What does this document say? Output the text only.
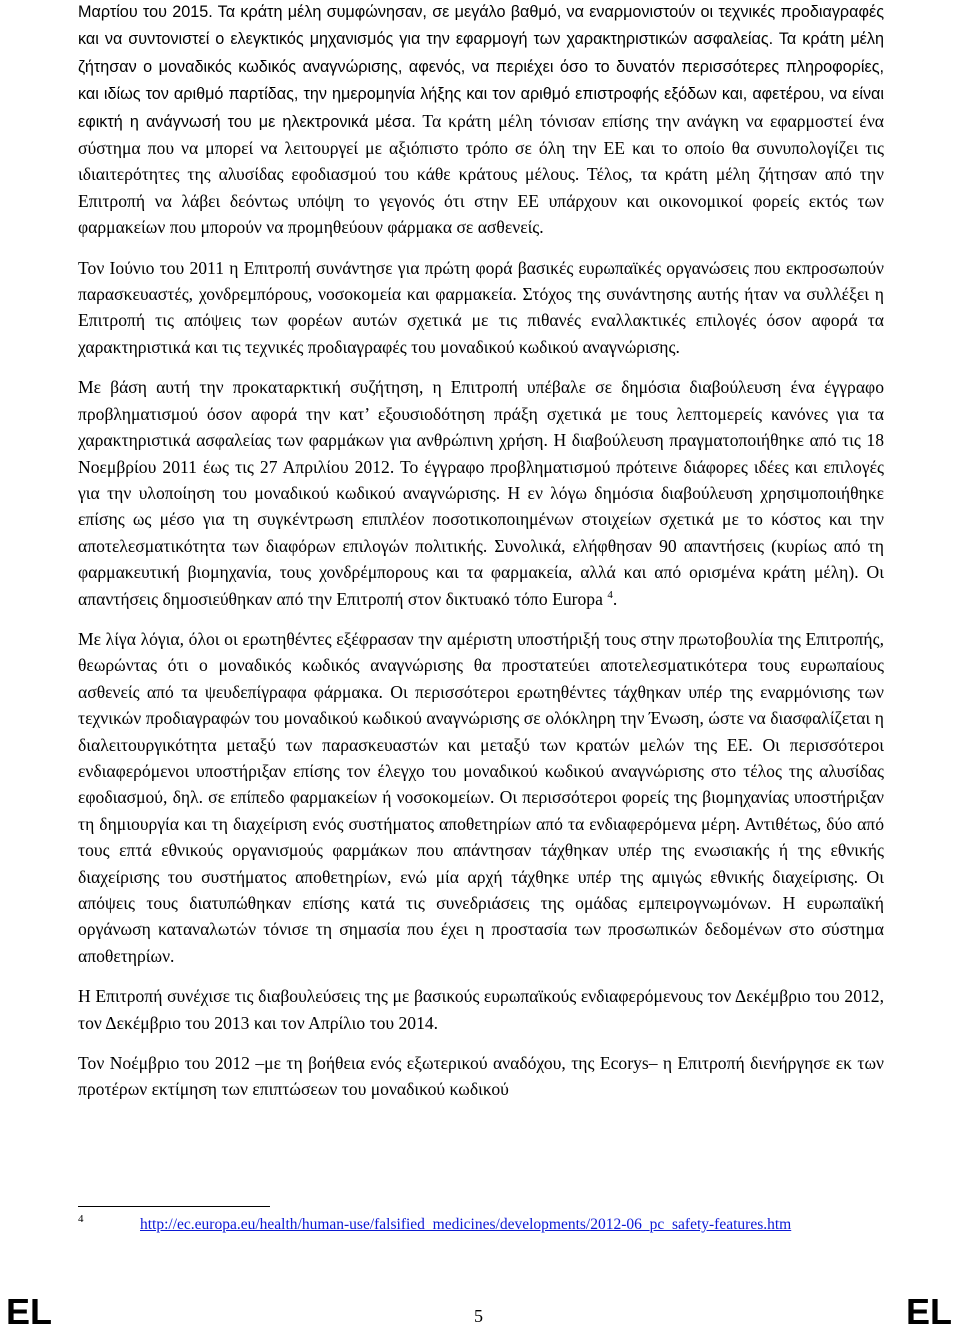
Μαρτίου του 2015. Τα κράτη μέλη συμφώνησαν, σε μεγάλο βαθμό, να εναρμονιστούν οι τεχνικές προδιαγραφές και να συντονιστεί ο ελεγκτικός μηχανισμός για την εφαρμογή των χαρακτηριστικών ασφαλείας. Τα κράτη μέλη ζήτησαν ο μοναδικός κωδικός αναγνώρισης, αφενός, να περιέχει όσο το δυνατόν περισσότερες πληροφορίες, και ιδίως τον αριθμό παρτίδας, την ημερομηνία λήξης και τον αριθμό επιστροφής εξόδων και, αφετέρου, να είναι εφικτή η ανάγνωσή του με ηλεκτρονικά μέσα. Τα κράτη μέλη τόνισαν επίσης την ανάγκη να εφαρμοστεί ένα σύστημα που να μπορεί να λειτουργεί με αξιόπιστο τρόπο σε όλη την ΕΕ και το οποίο θα συνυπολογίζει τις ιδιαιτερότητες της αλυσίδας εφοδιασμού του κάθε κράτους μέλους. Τέλος, τα κράτη μέλη ζήτησαν από την Επιτροπή να λάβει δεόντως υπόψη το γεγονός ότι στην ΕΕ υπάρχουν και οικονομικοί φορείς εκτός των φαρμακείων που μπορούν να προμηθεύουν φάρμακα σε ασθενείς.

Τον Ιούνιο του 2011 η Επιτροπή συνάντησε για πρώτη φορά βασικές ευρωπαϊκές οργανώσεις που εκπροσωπούν παρασκευαστές, χονδρεμπόρους, νοσοκομεία και φαρμακεία. Στόχος της συνάντησης αυτής ήταν να συλλέξει η Επιτροπή τις απόψεις των φορέων αυτών σχετικά με τις πιθανές εναλλακτικές επιλογές όσον αφορά τα χαρακτηριστικά και τις τεχνικές προδιαγραφές του μοναδικού κωδικού αναγνώρισης.

Με βάση αυτή την προκαταρκτική συζήτηση, η Επιτροπή υπέβαλε σε δημόσια διαβούλευση ένα έγγραφο προβληματισμού όσον αφορά την κατ’ εξουσιοδότηση πράξη σχετικά με τους λεπτομερείς κανόνες για τα χαρακτηριστικά ασφαλείας των φαρμάκων για ανθρώπινη χρήση. Η διαβούλευση πραγματοποιήθηκε από τις 18 Νοεμβρίου 2011 έως τις 27 Απριλίου 2012. Το έγγραφο προβληματισμού πρότεινε διάφορες ιδέες και επιλογές για την υλοποίηση του μοναδικού κωδικού αναγνώρισης. Η εν λόγω δημόσια διαβούλευση χρησιμοποιήθηκε επίσης ως μέσο για τη συγκέντρωση επιπλέον ποσοτικοποιημένων στοιχείων σχετικά με το κόστος και την αποτελεσματικότητα των διαφόρων επιλογών πολιτικής. Συνολικά, ελήφθησαν 90 απαντήσεις (κυρίως από τη φαρμακευτική βιομηχανία, τους χονδρέμπορους και τα φαρμακεία, αλλά και από ορισμένα κράτη μέλη). Οι απαντήσεις δημοσιεύθηκαν από την Επιτροπή στον δικτυακό τόπο Europa $^4$.

Με λίγα λόγια, όλοι οι ερωτηθέντες εξέφρασαν την αμέριστη υποστήριξή τους στην πρωτοβουλία της Επιτροπής, θεωρώντας ότι ο μοναδικός κωδικός αναγνώρισης θα προστατεύει αποτελεσματικότερα τους ευρωπαίους ασθενείς από τα ψευδεπίγραφα φάρμακα. Οι περισσότεροι ερωτηθέντες τάχθηκαν υπέρ της εναρμόνισης των τεχνικών προδιαγραφών του μοναδικού κωδικού αναγνώρισης σε ολόκληρη την Ένωση, ώστε να διασφαλίζεται η διαλειτουργικότητα μεταξύ των παρασκευαστών και μεταξύ των κρατών μελών της ΕΕ. Οι περισσότεροι ενδιαφερόμενοι υποστήριξαν επίσης τον έλεγχο του μοναδικού κωδικού αναγνώρισης στο τέλος της αλυσίδας εφοδιασμού, δηλ. σε επίπεδο φαρμακείων ή νοσοκομείων. Οι περισσότεροι φορείς της βιομηχανίας υποστήριξαν τη δημιουργία και τη διαχείριση ενός συστήματος αποθετηρίων από τα ενδιαφερόμενα μέρη. Αντιθέτως, δύο από τους επτά εθνικούς οργανισμούς φαρμάκων που απάντησαν τάχθηκαν υπέρ της ενωσιακής ή της εθνικής διαχείρισης του συστήματος αποθετηρίων, ενώ μία αρχή τάχθηκε υπέρ της αμιγώς εθνικής διαχείρισης. Οι απόψεις τους διατυπώθηκαν επίσης κατά τις συνεδριάσεις της ομάδας εμπειρογνωμόνων. Η ευρωπαϊκή οργάνωση καταναλωτών τόνισε τη σημασία που έχει η προστασία των προσωπικών δεδομένων στο σύστημα αποθετηρίων.

Η Επιτροπή συνέχισε τις διαβουλεύσεις της με βασικούς ευρωπαϊκούς ενδιαφερόμενους τον Δεκέμβριο του 2012, τον Δεκέμβριο του 2013 και τον Απρίλιο του 2014.

Τον Νοέμβριο του 2012 ‒με τη βοήθεια ενός εξωτερικού αναδόχου, της Ecorys‒ η Επιτροπή διενήργησε εκ των προτέρων εκτίμηση των επιπτώσεων του μοναδικού κωδικού

4	http://ec.europa.eu/health/human-use/falsified_medicines/developments/2012-06_pc_safety-features.htm
EL	5	EL
